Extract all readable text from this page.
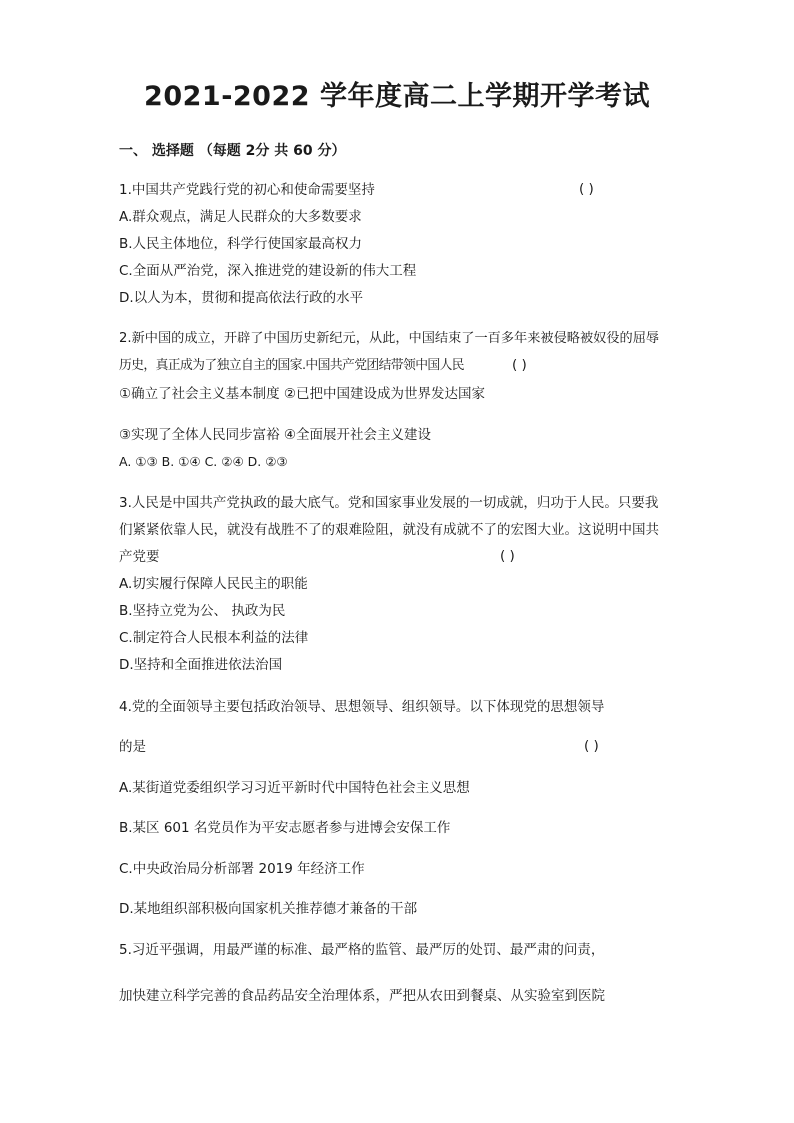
2021-2022 学年度高二上学期开学考试
一、 选择题 （每题 2分 共 60 分）
1.中国共产党践行党的初心和使命需要坚持	( )
A.群众观点，满足人民群众的大多数要求
B.人民主体地位，科学行使国家最高权力
C.全面从严治党，深入推进党的建设新的伟大工程
D.以人为本，贯彻和提高依法行政的水平
2.新中国的成立，开辟了中国历史新纪元，从此，中国结束了一百多年来被侵略被奴役的屈辱
历史，真正成为了独立自主的国家.中国共产党团结带领中国人民	( )
①确立了社会主义基本制度 ②已把中国建设成为世界发达国家
③实现了全体人民同步富裕 ④全面展开社会主义建设
A. ①③ B. ①④ C. ②④ D. ②③
3.人民是中国共产党执政的最大底气。党和国家事业发展的一切成就，归功于人民。只要我
们紧紧依靠人民，就没有战胜不了的艰难险阻，就没有成就不了的宏图大业。这说明中国共
产党要	( )
A.切实履行保障人民民主的职能
B.坚持立党为公、 执政为民
C.制定符合人民根本利益的法律
D.坚持和全面推进依法治国
4.党的全面领导主要包括政治领导、思想领导、组织领导。以下体现党的思想领导
的是	( )
A.某街道党委组织学习习近平新时代中国特色社会主义思想
B.某区 601 名党员作为平安志愿者参与进博会安保工作
C.中央政治局分析部署 2019 年经济工作
D.某地组织部积极向国家机关推荐德才兼备的干部
5.习近平强调，用最严谨的标准、最严格的监管、最严厉的处罚、最严肃的问责，
加快建立科学完善的食品药品安全治理体系，严把从农田到餐桌、从实验室到医院
